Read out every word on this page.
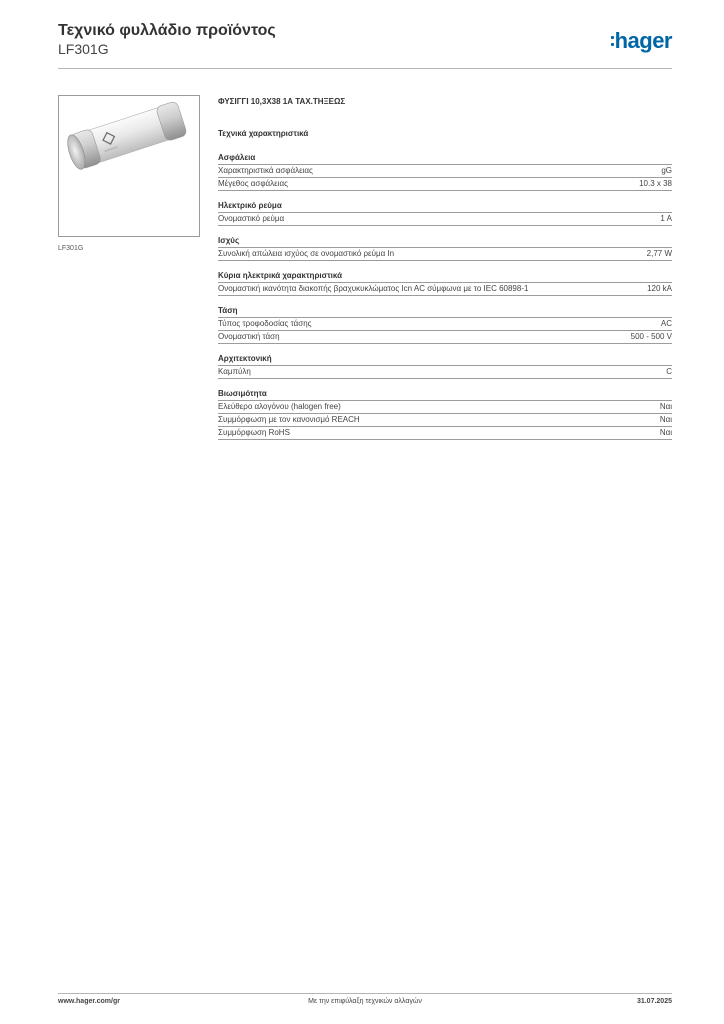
Τεχνικό φυλλάδιο προϊόντος
LF301G	hager
LF301G
ΦΥΣΙΓΓΙ 10,3Χ38 1Α ΤΑΧ.ΤΗΞΕΩΣ
Τεχνικά χαρακτηριστικά
Ασφάλεια
Χαρακτηριστικά ασφάλειας	gG
Μέγεθος ασφάλειας	10.3 x 38
Ηλεκτρικό ρεύμα
Ονομαστικό ρεύμα	1 A
Ισχύς
Συνολική απώλεια ισχύος σε ονομαστικό ρεύμα In	2,77 W
Κύρια ηλεκτρικά χαρακτηριστικά
Ονομαστική ικανότητα διακοπής βραχυκυκλώματος Icn AC σύμφωνα με το IEC 60898-1	120 kA
Τάση
Τύπος τροφοδοσίας τάσης	AC
Ονομαστική τάση	500 - 500 V
Αρχιτεκτονική
Καμπύλη	C
Βιωσιμότητα
Ελεύθερο αλογόνου (halogen free)	Ναι
Συμμόρφωση με τον κανονισμό REACH	Ναι
Συμμόρφωση RoHS	Ναι
www.hager.com/gr	Με την επιφύλαξη τεχνικών αλλαγών	31.07.2025
